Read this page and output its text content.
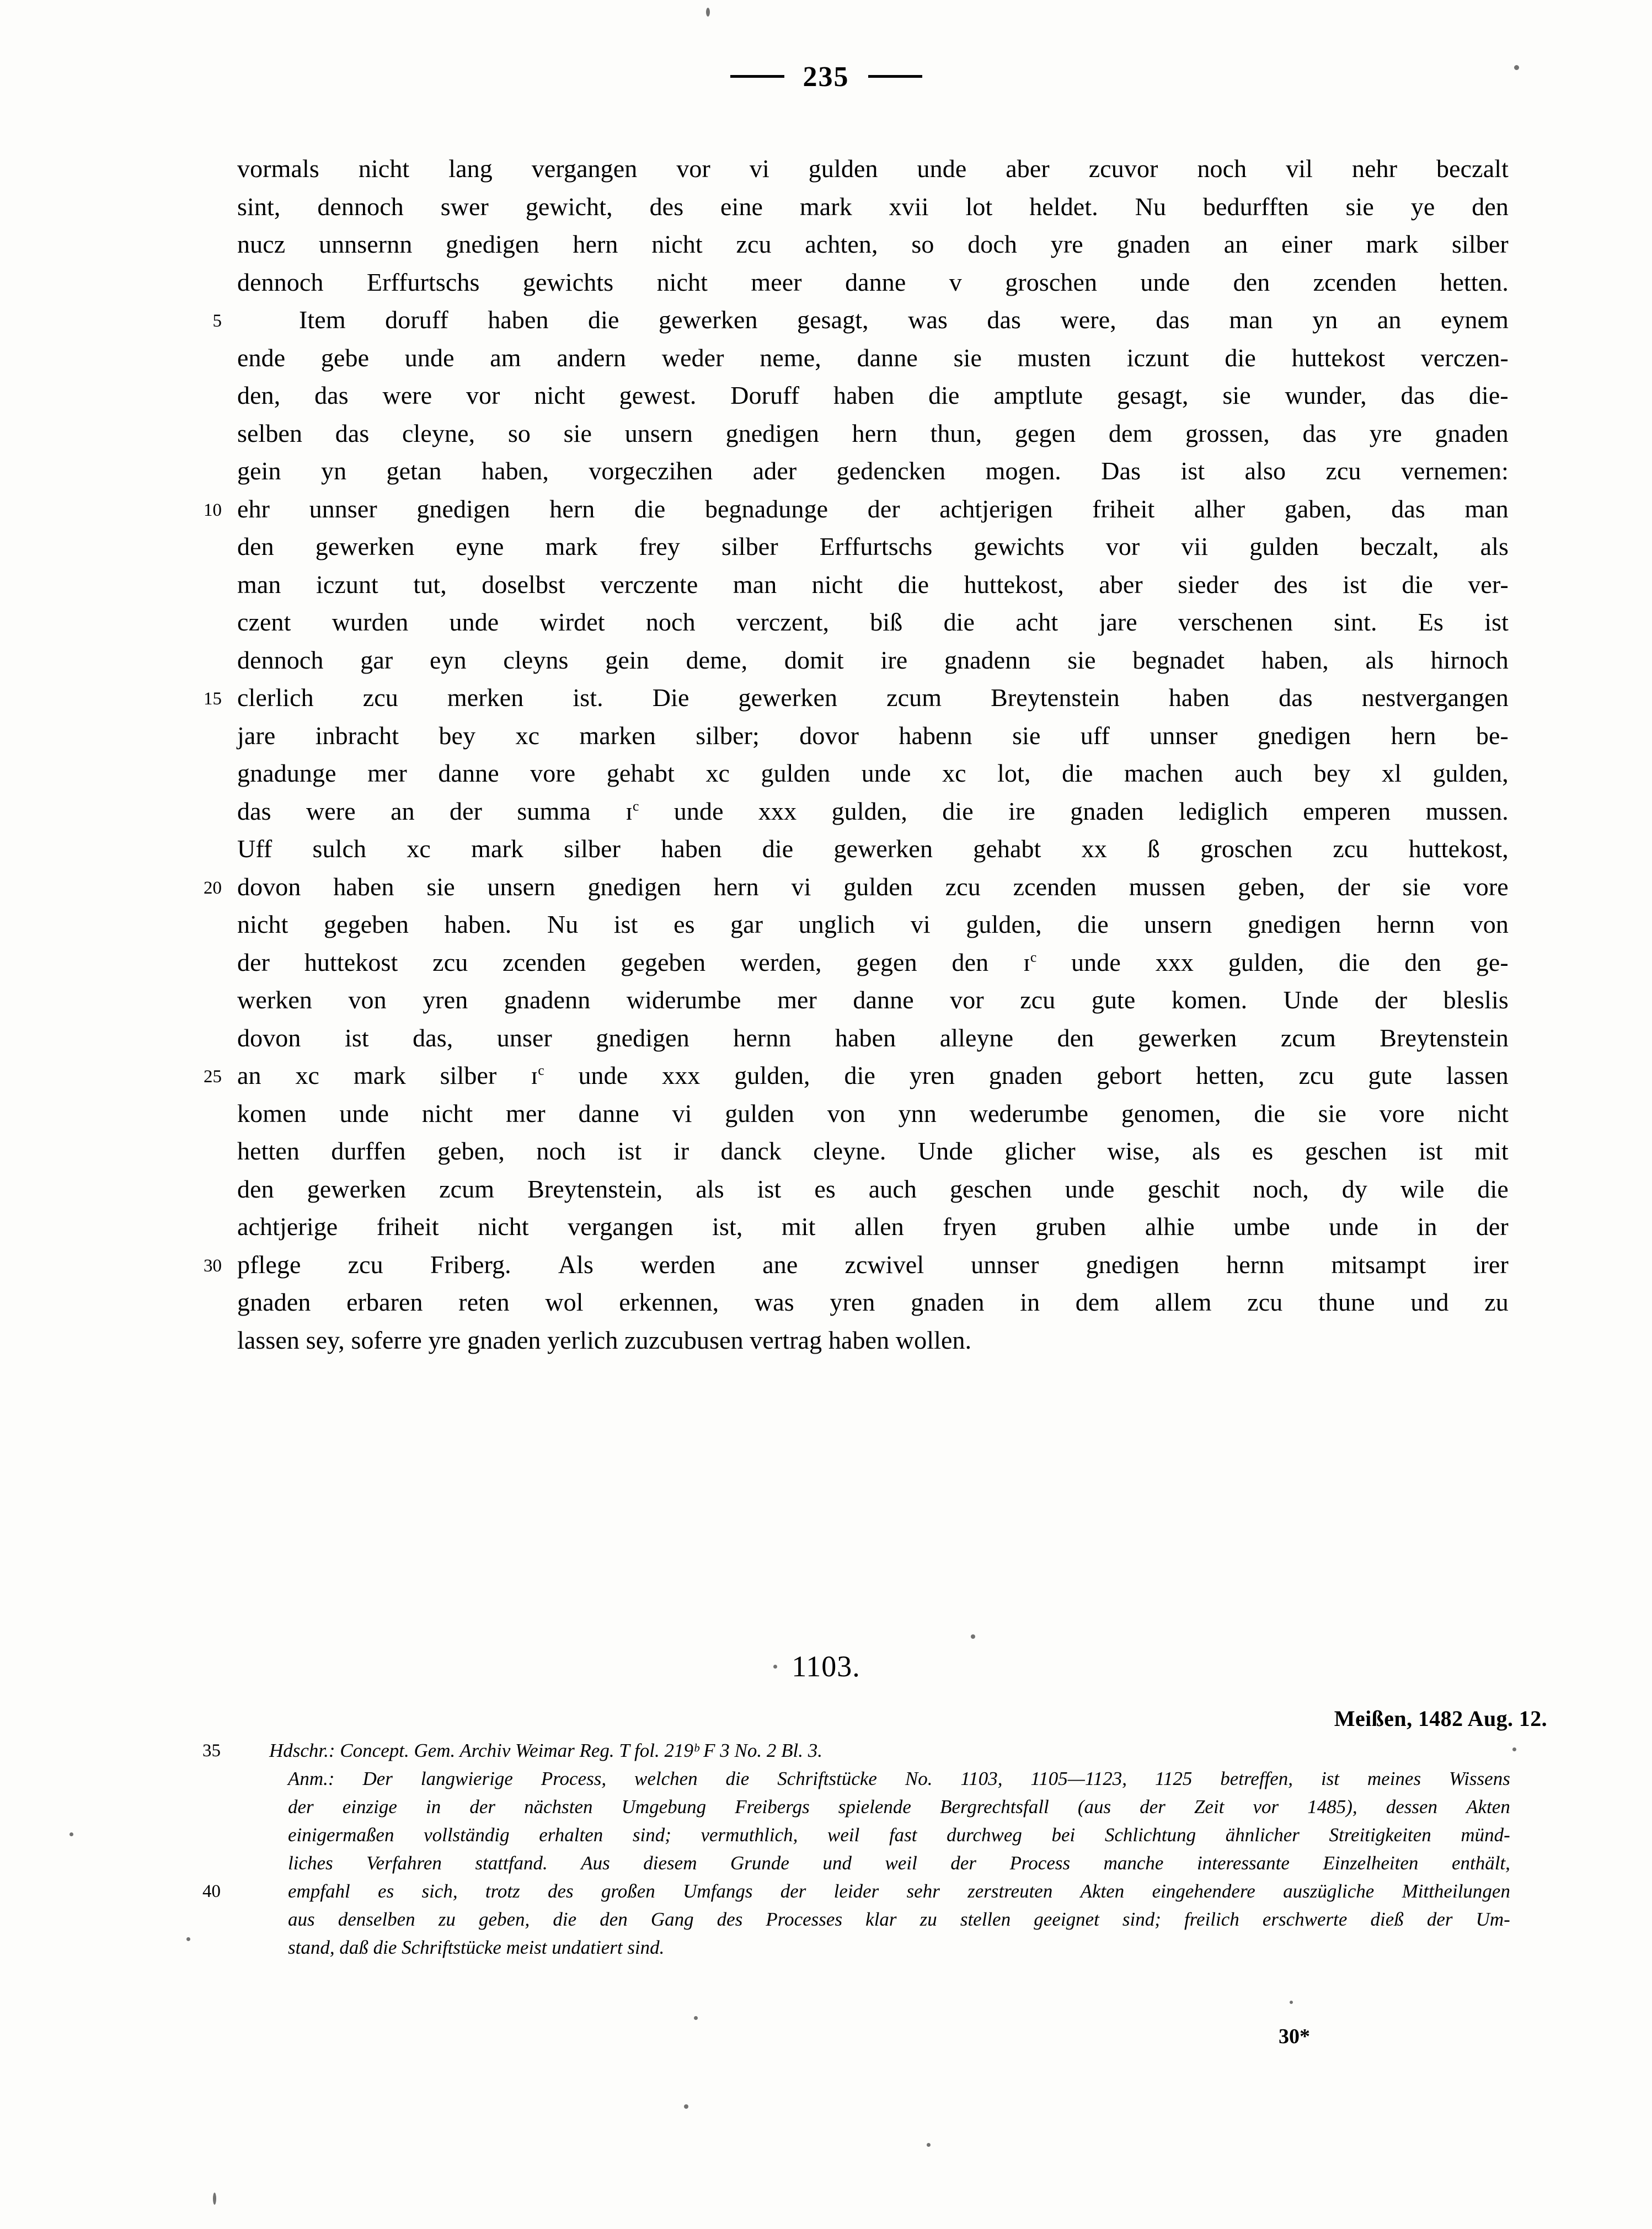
235
vormals nicht lang vergangen vor vi gulden unde aber zcuvor noch vil nehr beczalt
sint, dennoch swer gewicht, des eine mark xvii lot heldet. Nu bedurfften sie ye den
nucz unnsernn gnedigen hern nicht zcu achten, so doch yre gnaden an einer mark silber
dennoch Erffurtschs gewichts nicht meer danne v groschen unde den zcenden hetten.
5	Item doruff haben die gewerken gesagt, was das were, das man yn an eynem
ende gebe unde am andern weder neme, danne sie musten iczunt die huttekost verczen-
den, das were vor nicht gewest. Doruff haben die amptlute gesagt, sie wunder, das die-
selben das cleyne, so sie unsern gnedigen hern thun, gegen dem grossen, das yre gnaden
gein yn getan haben, vorgeczihen ader gedencken mogen. Das ist also zcu vernemen:
10 ehr unnser gnedigen hern die begnadunge der achtjerigen friheit alher gaben, das man
den gewerken eyne mark frey silber Erffurtschs gewichts vor vii gulden beczalt, als
man iczunt tut, doselbst verczente man nicht die huttekost, aber sieder des ist die ver-
czent wurden unde wirdet noch verczent, biß die acht jare verschenen sint. Es ist
dennoch gar eyn cleyns gein deme, domit ire gnadenn sie begnadet haben, als hirnoch
15 clerlich zcu merken ist. Die gewerken zcum Breytenstein haben das nestvergangen
jare inbracht bey xc marken silber; dovor habenn sie uff unnser gnedigen hern be-
gnadunge mer danne vore gehabt xc gulden unde xc lot, die machen auch bey xl gulden,
das were an der summa ɪ$^c$ unde xxx gulden, die ire gnaden lediglich emperen mussen.
Uff sulch xc mark silber haben die gewerken gehabt xx ß groschen zcu huttekost,
20 dovon haben sie unsern gnedigen hern vi gulden zcu zcenden mussen geben, der sie vore
nicht gegeben haben. Nu ist es gar unglich vi gulden, die unsern gnedigen hernn von
der huttekost zcu zcenden gegeben werden, gegen den ɪ$^c$ unde xxx gulden, die den ge-
werken von yren gnadenn widerumbe mer danne vor zcu gute komen. Unde der bleslis
dovon ist das, unser gnedigen hernn haben alleyne den gewerken zcum Breytenstein
25 an xc mark silber ɪ$^c$ unde xxx gulden, die yren gnaden gebort hetten, zcu gute lassen
komen unde nicht mer danne vi gulden von ynn wederumbe genomen, die sie vore nicht
hetten durffen geben, noch ist ir danck cleyne. Unde glicher wise, als es geschen ist mit
den gewerken zcum Breytenstein, als ist es auch geschen unde geschit noch, dy wile die
achtjerige friheit nicht vergangen ist, mit allen fryen gruben alhie umbe unde in der
30 pflege zcu Friberg. Als werden ane zcwivel unnser gnedigen hernn mitsampt irer
gnaden erbaren reten wol erkennen, was yren gnaden in dem allem zcu thune und zu
lassen sey, soferre yre gnaden yerlich zuzcubusen vertrag haben wollen.
1103.
Meißen, 1482 Aug. 12.
35	Hdschr.: Concept. Gem. Archiv Weimar Reg. T fol. 219ᵇ F 3 No. 2 Bl. 3.
Anm.: Der langwierige Process, welchen die Schriftstücke No. 1103, 1105—1123, 1125 betreffen, ist meines Wissens
der einzige in der nächsten Umgebung Freibergs spielende Bergrechtsfall (aus der Zeit vor 1485), dessen Akten
einigermaßen vollständig erhalten sind; vermuthlich, weil fast durchweg bei Schlichtung ähnlicher Streitigkeiten münd-
liches Verfahren stattfand. Aus diesem Grunde und weil der Process manche interessante Einzelheiten enthält,
40	empfahl es sich, trotz des großen Umfangs der leider sehr zerstreuten Akten eingehendere auszügliche Mittheilungen
aus denselben zu geben, die den Gang des Processes klar zu stellen geeignet sind; freilich erschwerte dieß der Um-
stand, daß die Schriftstücke meist undatiert sind.
30*
